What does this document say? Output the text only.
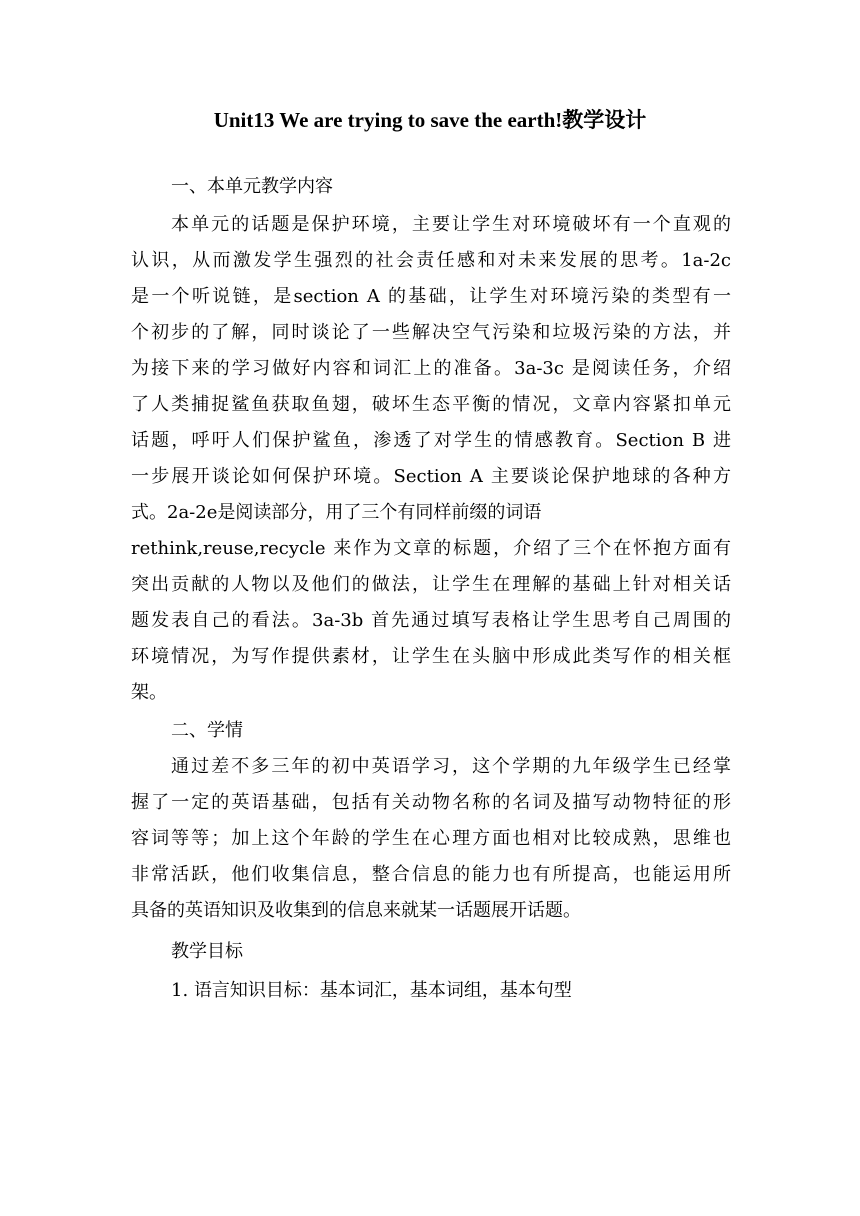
Unit13 We are trying to save the earth!教学设计
一、本单元教学内容
本单元的话题是保护环境，主要让学生对环境破坏有一个直观的
认识，从而激发学生强烈的社会责任感和对未来发展的思考。1a-2c
是一个听说链，是section A 的基础，让学生对环境污染的类型有一
个初步的了解，同时谈论了一些解决空气污染和垃圾污染的方法，并
为接下来的学习做好内容和词汇上的准备。3a-3c 是阅读任务，介绍
了人类捕捉鲨鱼获取鱼翅，破坏生态平衡的情况，文章内容紧扣单元
话题，呼吁人们保护鲨鱼，渗透了对学生的情感教育。Section B 进
一步展开谈论如何保护环境。Section A 主要谈论保护地球的各种方
式。2a-2e是阅读部分，用了三个有同样前缀的词语
rethink,reuse,recycle 来作为文章的标题，介绍了三个在怀抱方面有
突出贡献的人物以及他们的做法，让学生在理解的基础上针对相关话
题发表自己的看法。3a-3b 首先通过填写表格让学生思考自己周围的
环境情况，为写作提供素材，让学生在头脑中形成此类写作的相关框
架。
二、学情
通过差不多三年的初中英语学习，这个学期的九年级学生已经掌
握了一定的英语基础，包括有关动物名称的名词及描写动物特征的形
容词等等；加上这个年龄的学生在心理方面也相对比较成熟，思维也
非常活跃，他们收集信息，整合信息的能力也有所提高，也能运用所
具备的英语知识及收集到的信息来就某一话题展开话题。
教学目标
1. 语言知识目标：基本词汇，基本词组，基本句型
